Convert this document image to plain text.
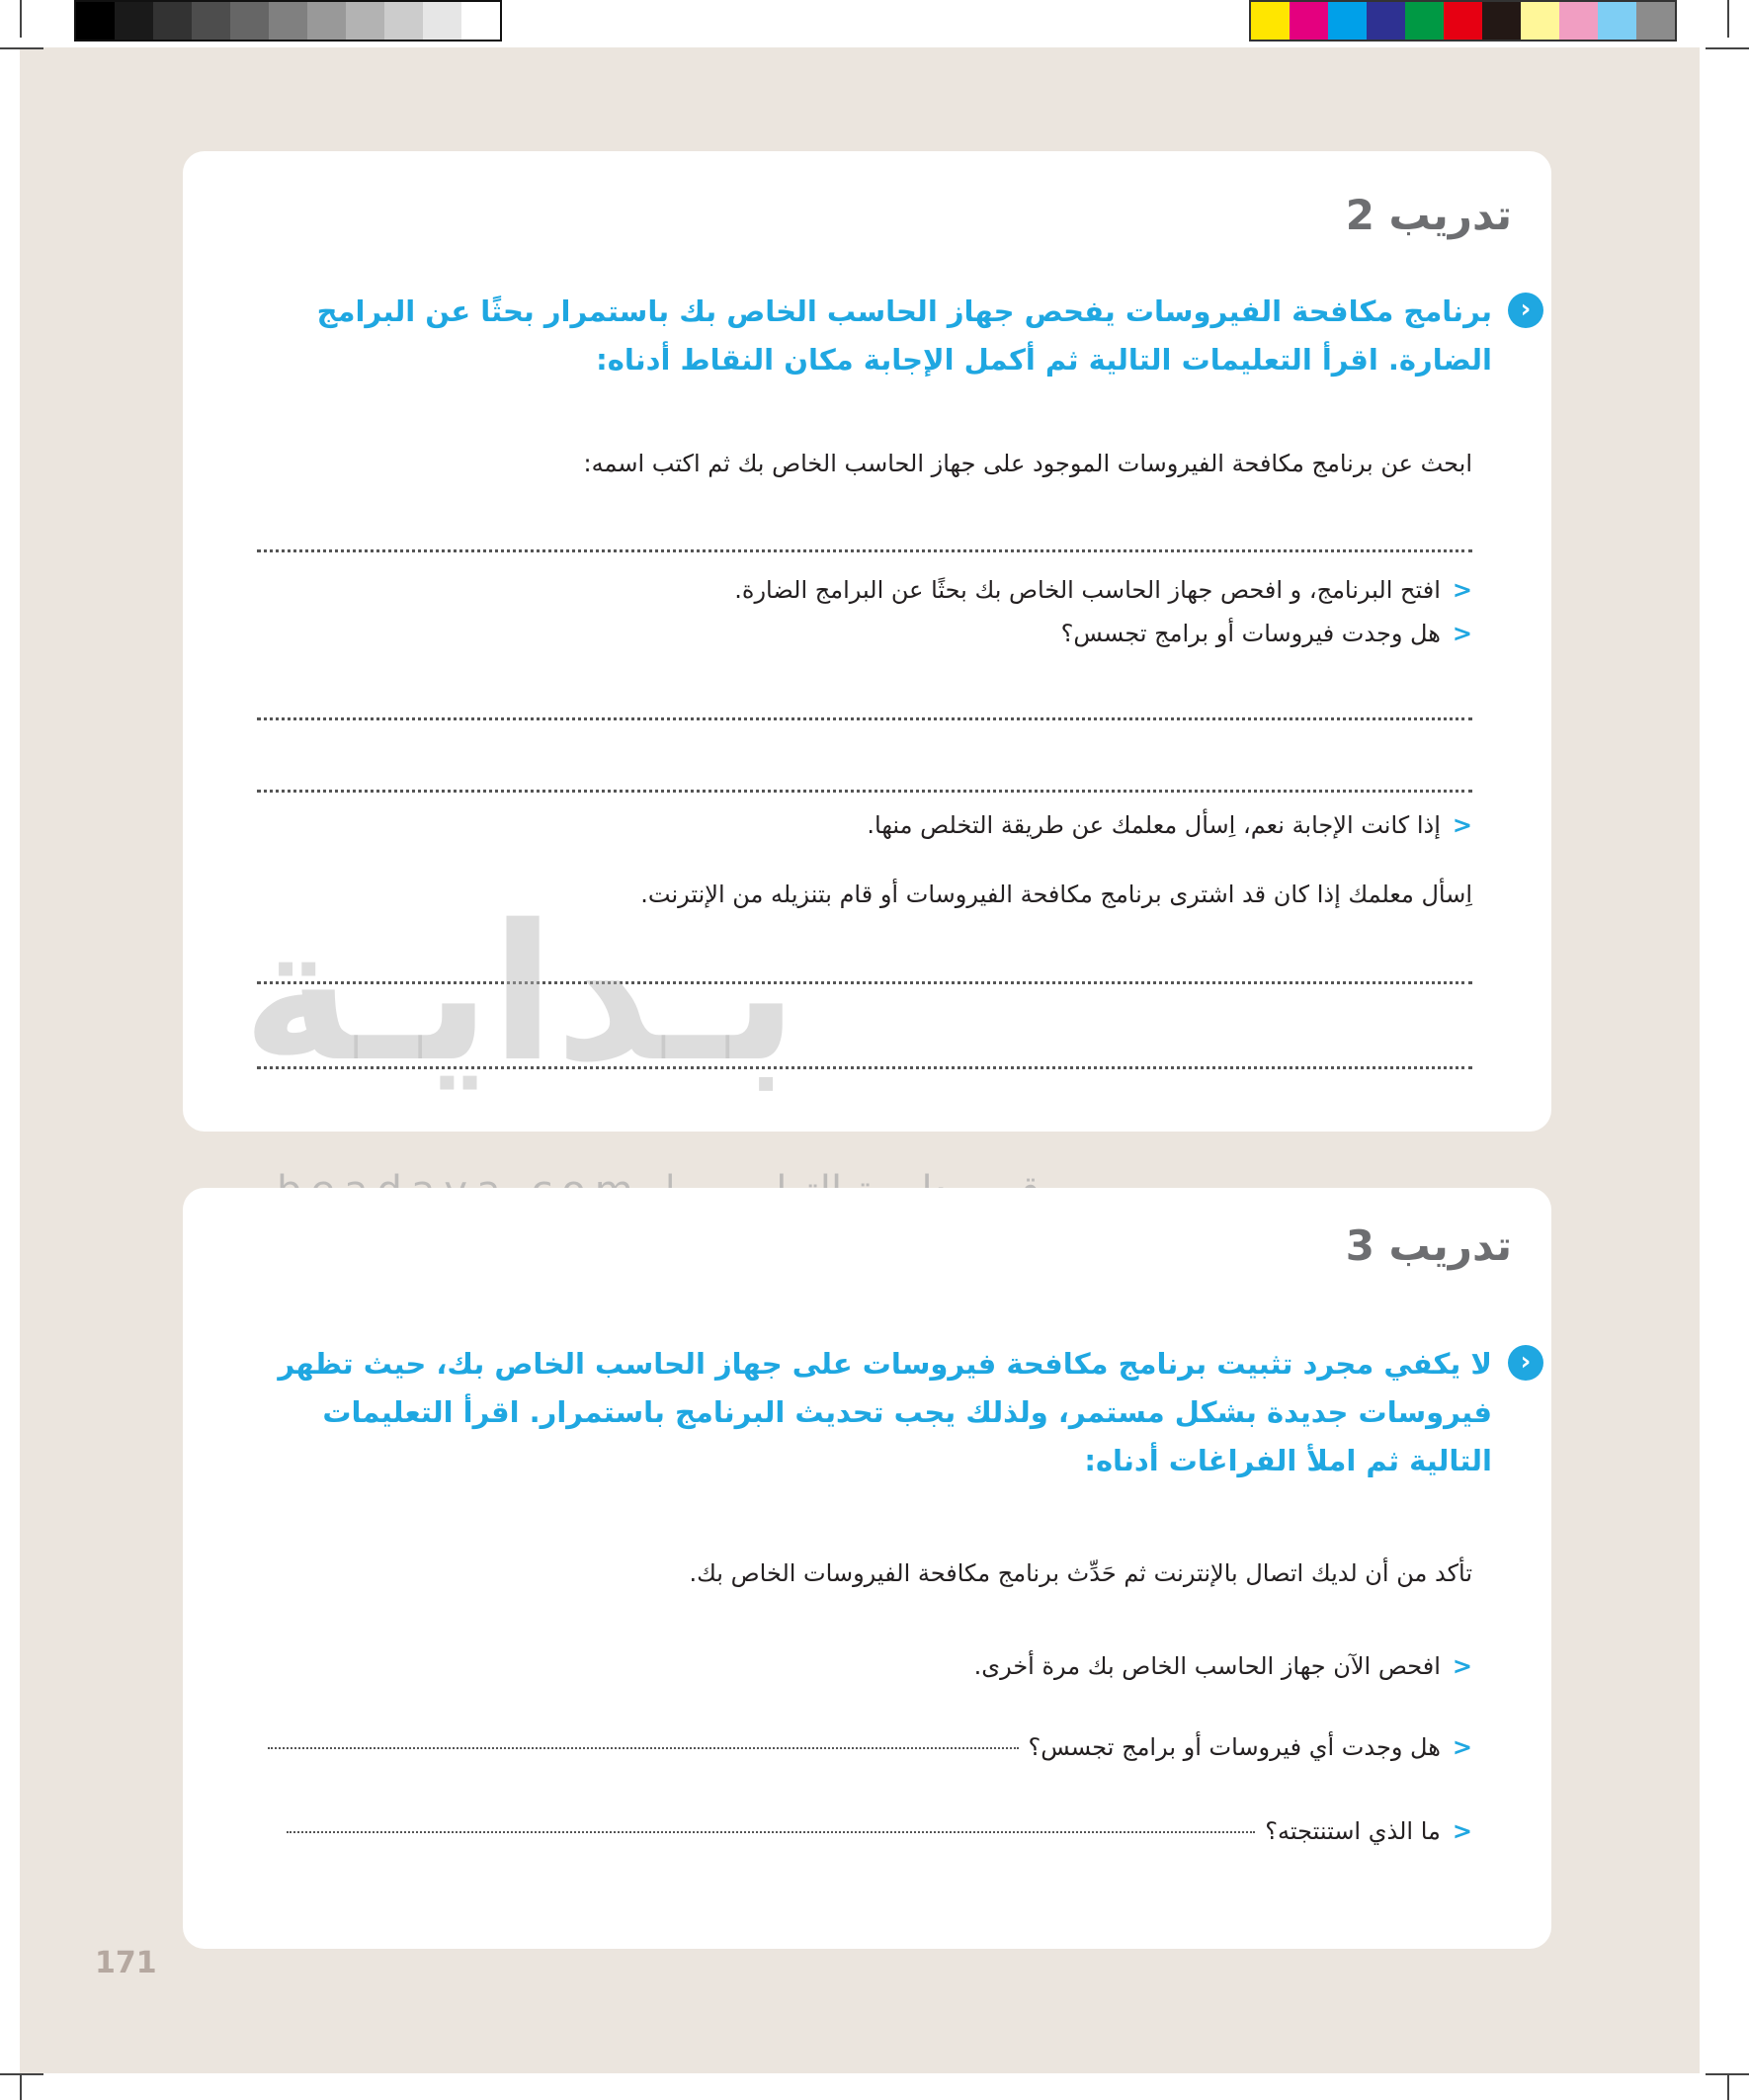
تدريب 2
‹
برنامج مكافحة الفيروسات يفحص جهاز الحاسب الخاص بك باستمرار بحثًا عن البرامج الضارة. اقرأ التعليمات التالية ثم أكمل الإجابة مكان النقاط أدناه:
ابحث عن برنامج مكافحة الفيروسات الموجود على جهاز الحاسب الخاص بك ثم اكتب اسمه:
<افتح البرنامج، و افحص جهاز الحاسب الخاص بك بحثًا عن البرامج الضارة.
<هل وجدت فيروسات أو برامج تجسس؟
<إذا كانت الإجابة نعم، اِسأل معلمك عن طريقة التخلص منها.
اِسأل معلمك إذا كان قد اشترى برنامج مكافحة الفيروسات أو قام بتنزيله من الإنترنت.
بـدايـة
تدريب 3
‹
لا يكفي مجرد تثبيت برنامج مكافحة فيروسات على جهاز الحاسب الخاص بك، حيث تظهر فيروسات جديدة بشكل مستمر، ولذلك يجب تحديث البرنامج باستمرار. اقرأ التعليمات التالية ثم املأ الفراغات أدناه:
تأكد من أن لديك اتصال بالإنترنت ثم حَدِّث برنامج مكافحة الفيروسات الخاص بك.
<افحص الآن جهاز الحاسب الخاص بك مرة أخرى.
<هل وجدت أي فيروسات أو برامج تجسس؟
<ما الذي استنتجته؟
171
